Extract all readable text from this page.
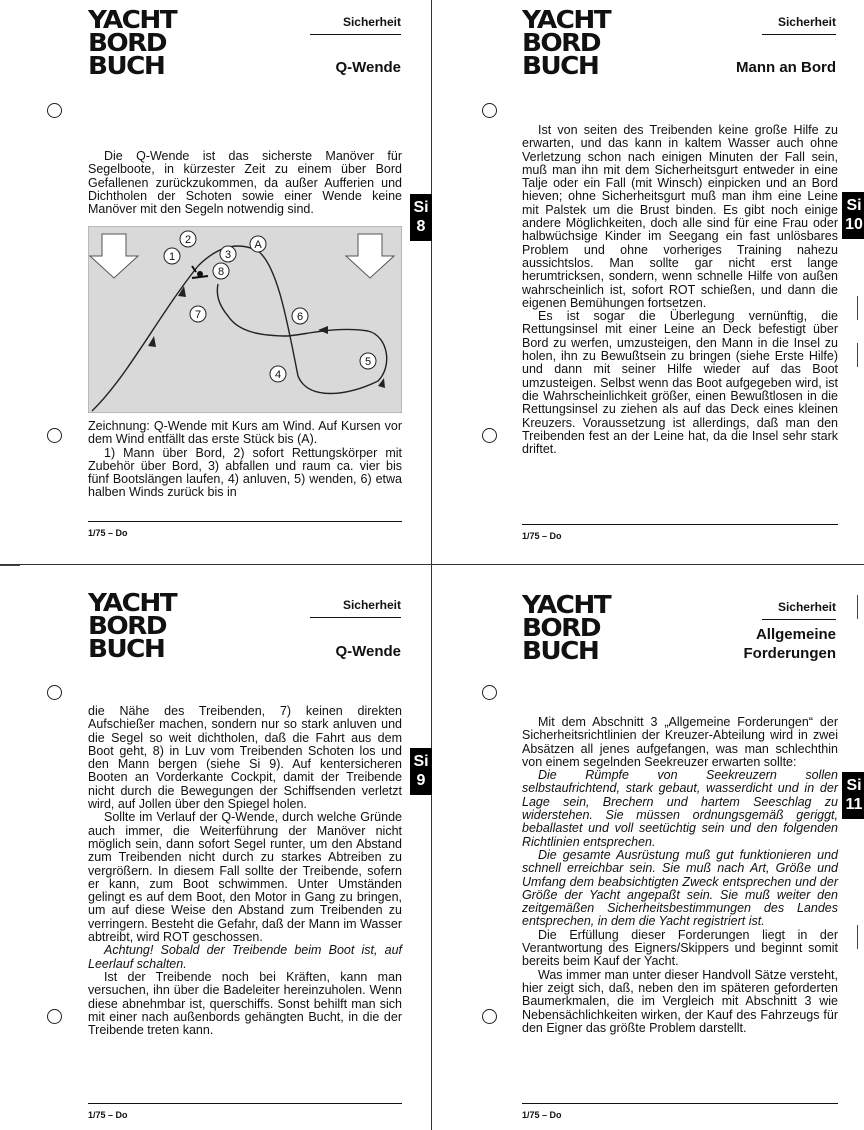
YACHT
BORD
BUCH
Sicherheit
Q-Wende
Si
8

Die Q-Wende ist das sicherste Manöver für Segelboote, in kürzester Zeit zu einem über Bord Gefallenen zurückzukommen, da außer Aufferien und Dichtholen der Schoten sowie einer Wende keine Manöver mit den Segeln notwendig sind.

1
2
3
A
8
7	6
5
4

Zeichnung: Q-Wende mit Kurs am Wind. Auf Kursen vor dem Wind entfällt das erste Stück bis (A).

1) Mann über Bord, 2) sofort Rettungskörper mit Zubehör über Bord, 3) abfallen und raum ca. vier bis fünf Bootslängen laufen, 4) anluven, 5) wenden, 6) etwa halben Winds zurück bis in

1/75 – Do
YACHT
BORD
BUCH
Sicherheit
Mann an Bord
Si
10

Ist von seiten des Treibenden keine große Hilfe zu erwarten, und das kann in kaltem Wasser auch ohne Verletzung schon nach einigen Minuten der Fall sein, muß man ihn mit dem Sicherheitsgurt entweder in eine Talje oder ein Fall (mit Winsch) einpicken und an Bord hieven; ohne Sicherheitsgurt muß man ihm eine Leine mit Palstek um die Brust binden. Es gibt noch einige andere Möglichkeiten, doch alle sind für eine Frau oder halbwüchsige Kinder im Seegang ein fast unlösbares Problem und ohne vorheriges Training nahezu aussichtslos. Man sollte gar nicht erst lange herumtricksen, sondern, wenn schnelle Hilfe von außen wahrscheinlich ist, sofort ROT schießen, und dann die eigenen Bemühungen fortsetzen.

Es ist sogar die Überlegung vernünftig, die Rettungsinsel mit einer Leine an Deck befestigt über Bord zu werfen, umzusteigen, den Mann in die Insel zu holen, ihn zu Bewußtsein zu bringen (siehe Erste Hilfe) und dann mit seiner Hilfe wieder auf das Boot umzusteigen. Selbst wenn das Boot aufgegeben wird, ist die Wahrscheinlichkeit größer, einen Bewußtlosen in die Rettungsinsel zu ziehen als auf das Deck eines kleinen Kreuzers. Voraussetzung ist allerdings, daß man den Treibenden fest an der Leine hat, da die Insel sehr stark driftet.

1/75 – Do
YACHT
BORD
BUCH
Sicherheit
Q-Wende
Si
9

die Nähe des Treibenden, 7) keinen direkten Aufschießer machen, sondern nur so stark anluven und die Segel so weit dichtholen, daß die Fahrt aus dem Boot geht, 8) in Luv vom Treibenden Schoten los und den Mann bergen (siehe Si 9). Auf kentersicheren Booten an Vorderkante Cockpit, damit der Treibende nicht durch die Bewegungen der Schiffsenden verletzt wird, auf Jollen über den Spiegel holen.

Sollte im Verlauf der Q-Wende, durch welche Gründe auch immer, die Weiterführung der Manöver nicht möglich sein, dann sofort Segel runter, um den Abstand zum Treibenden nicht durch zu starkes Abtreiben zu vergrößern. In diesem Fall sollte der Treibende, sofern er kann, zum Boot schwimmen. Unter Umständen gelingt es auf dem Boot, den Motor in Gang zu bringen, um auf diese Weise den Abstand zum Treibenden zu verringern. Besteht die Gefahr, daß der Mann im Wasser abtreibt, wird ROT geschossen.

Achtung! Sobald der Treibende beim Boot ist, auf Leerlauf schalten.

Ist der Treibende noch bei Kräften, kann man versuchen, ihn über die Badeleiter hereinzuholen. Wenn diese abnehmbar ist, querschiffs. Sonst behilft man sich mit einer nach außenbords gehängten Bucht, in die der Treibende treten kann.

1/75 – Do
YACHT
BORD
BUCH
Sicherheit
Allgemeine
Forderungen
Si
11

Mit dem Abschnitt 3 „Allgemeine Forderungen“ der Sicherheitsrichtlinien der Kreuzer-Abteilung wird in zwei Absätzen all jenes aufgefangen, was man schlechthin von einem segelnden Seekreuzer erwarten sollte:

Die Rümpfe von Seekreuzern sollen selbstaufrichtend, stark gebaut, wasserdicht und in der Lage sein, Brechern und hartem Seeschlag zu widerstehen. Sie müssen ordnungsgemäß geriggt, beballastet und voll seetüchtig sein und den folgenden Richtlinien entsprechen.

Die gesamte Ausrüstung muß gut funktionieren und schnell erreichbar sein. Sie muß nach Art, Größe und Umfang dem beabsichtigten Zweck entsprechen und der Größe der Yacht angepaßt sein. Sie muß weiter den zeitgemäßen Sicherheitsbestimmungen des Landes entsprechen, in dem die Yacht registriert ist.

Die Erfüllung dieser Forderungen liegt in der Verantwortung des Eigners/Skippers und beginnt somit bereits beim Kauf der Yacht.

Was immer man unter dieser Handvoll Sätze versteht, hier zeigt sich, daß, neben den im späteren geforderten Baumerkmalen, die im Vergleich mit Abschnitt 3 wie Nebensächlichkeiten wirken, der Kauf des Fahrzeugs für den Eigner das größte Problem darstellt.

1/75 – Do
